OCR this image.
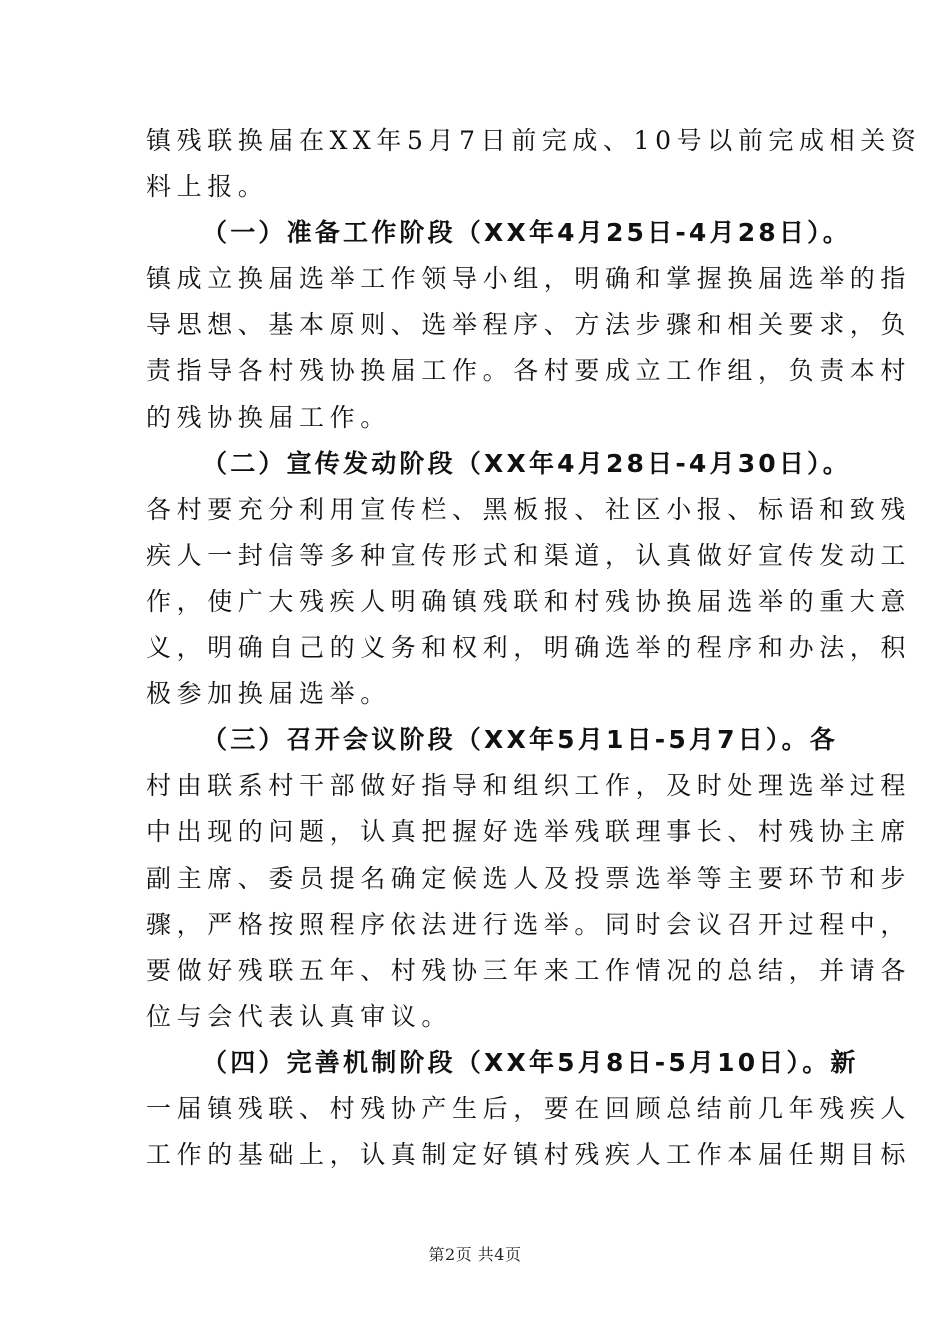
镇残联换届在XX年5月7日前完成、10号以前完成相关资
料上报。
（一）准备工作阶段（XX年4月25日-4月28日）。
镇成立换届选举工作领导小组，明确和掌握换届选举的指
导思想、基本原则、选举程序、方法步骤和相关要求，负
责指导各村残协换届工作。各村要成立工作组，负责本村
的残协换届工作。
（二）宣传发动阶段（XX年4月28日-4月30日）。
各村要充分利用宣传栏、黑板报、社区小报、标语和致残
疾人一封信等多种宣传形式和渠道，认真做好宣传发动工
作，使广大残疾人明确镇残联和村残协换届选举的重大意
义，明确自己的义务和权利，明确选举的程序和办法，积
极参加换届选举。
（三）召开会议阶段（XX年5月1日-5月7日）。各
村由联系村干部做好指导和组织工作，及时处理选举过程
中出现的问题，认真把握好选举残联理事长、村残协主席
副主席、委员提名确定候选人及投票选举等主要环节和步
骤，严格按照程序依法进行选举。同时会议召开过程中，
要做好残联五年、村残协三年来工作情况的总结，并请各
位与会代表认真审议。
（四）完善机制阶段（XX年5月8日-5月10日）。新
一届镇残联、村残协产生后，要在回顾总结前几年残疾人
工作的基础上，认真制定好镇村残疾人工作本届任期目标
第2页 共4页
